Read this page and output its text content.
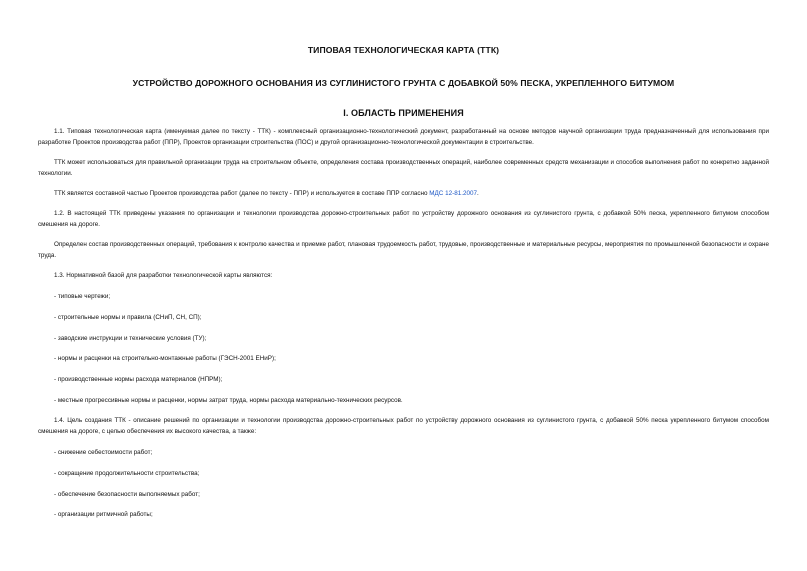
ТИПОВАЯ ТЕХНОЛОГИЧЕСКАЯ КАРТА (ТТК)
УСТРОЙСТВО ДОРОЖНОГО ОСНОВАНИЯ ИЗ СУГЛИНИСТОГО ГРУНТА С ДОБАВКОЙ 50% ПЕСКА, УКРЕПЛЕННОГО БИТУМОМ
I. ОБЛАСТЬ ПРИМЕНЕНИЯ
1.1. Типовая технологическая карта (именуемая далее по тексту - ТТК) - комплексный организационно-технологический документ, разработанный на основе методов научной организации труда предназначенный для использования при разработке Проектов производства работ (ППР), Проектов организации строительства (ПОС) и другой организационно-технологической документации в строительстве.
ТТК может использоваться для правильной организации труда на строительном объекте, определения состава производственных операций, наиболее современных средств механизации и способов выполнения работ по конкретно заданной технологии.
ТТК является составной частью Проектов производства работ (далее по тексту - ППР) и используется в составе ППР согласно МДС 12-81.2007.
1.2. В настоящей ТТК приведены указания по организации и технологии производства дорожно-строительных работ по устройству дорожного основания из суглинистого грунта, с добавкой 50% песка, укрепленного битумом способом смешения на дороге.
Определен состав производственных операций, требования к контролю качества и приемке работ, плановая трудоемкость работ, трудовые, производственные и материальные ресурсы, мероприятия по промышленной безопасности и охране труда.
1.3. Нормативной базой для разработки технологической карты являются:
- типовые чертежи;
- строительные нормы и правила (СНиП, СН, СП);
- заводские инструкции и технические условия (ТУ);
- нормы и расценки на строительно-монтажные работы (ГЭСН-2001 ЕНиР);
- производственные нормы расхода материалов (НПРМ);
- местные прогрессивные нормы и расценки, нормы затрат труда, нормы расхода материально-технических ресурсов.
1.4. Цель создания ТТК - описание решений по организации и технологии производства дорожно-строительных работ по устройству дорожного основания из суглинистого грунта, с добавкой 50% песка укрепленного битумом способом смешения на дороге, с целью обеспечения их высокого качества, а также:
- снижение себестоимости работ;
- сокращение продолжительности строительства;
- обеспечение безопасности выполняемых работ;
- организации ритмичной работы;
